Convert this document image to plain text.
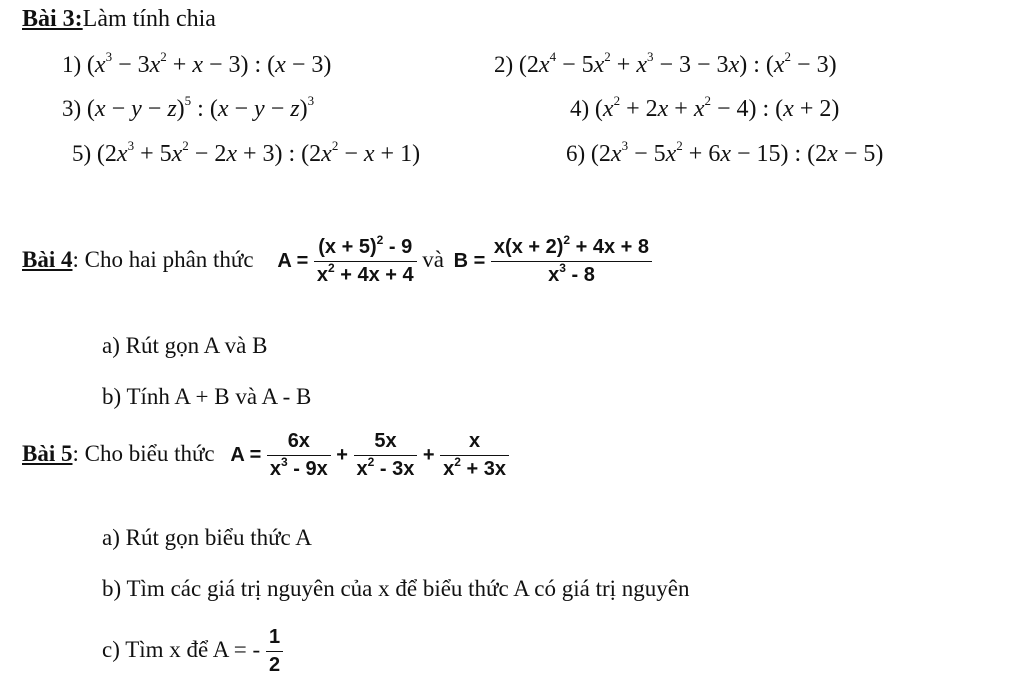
Bài 3:Làm tính chia
1) $(x^3 - 3x^2 + x - 3)$ : (x − 3)	2) $(2x^4 - 5x^2 + x^3 - 3 - 3x)$ : $(x^2 - 3)$
3) $(x - y - z)^5$ : $(x - y - z)^3$	4) $(x^2 + 2x + x^2 - 4)$ : (x + 2)
5) $(2x^3 + 5x^2 - 2x + 3)$ : $(2x^2 - x + 1)$	6) $(2x^3 - 5x^2 + 6x - 15)$ : (2x − 5)
Bài 4: Cho hai phân thức $A = \frac{(x + 5)^2 - 9}{x^2 + 4x + 4}$ và $B = \frac{x(x + 2)^2 + 4x + 8}{x^3 - 8}$
a) Rút gọn A và B
b) Tính A + B và A - B
Bài 5: Cho biểu thức $A = \frac{6x}{x^3 - 9x} + \frac{5x}{x^2 - 3x} + \frac{x}{x^2 + 3x}$
a) Rút gọn biểu thức A
b) Tìm các giá trị nguyên của x để biểu thức A có giá trị nguyên
c) Tìm x để A = - $\frac{1}{2}$
